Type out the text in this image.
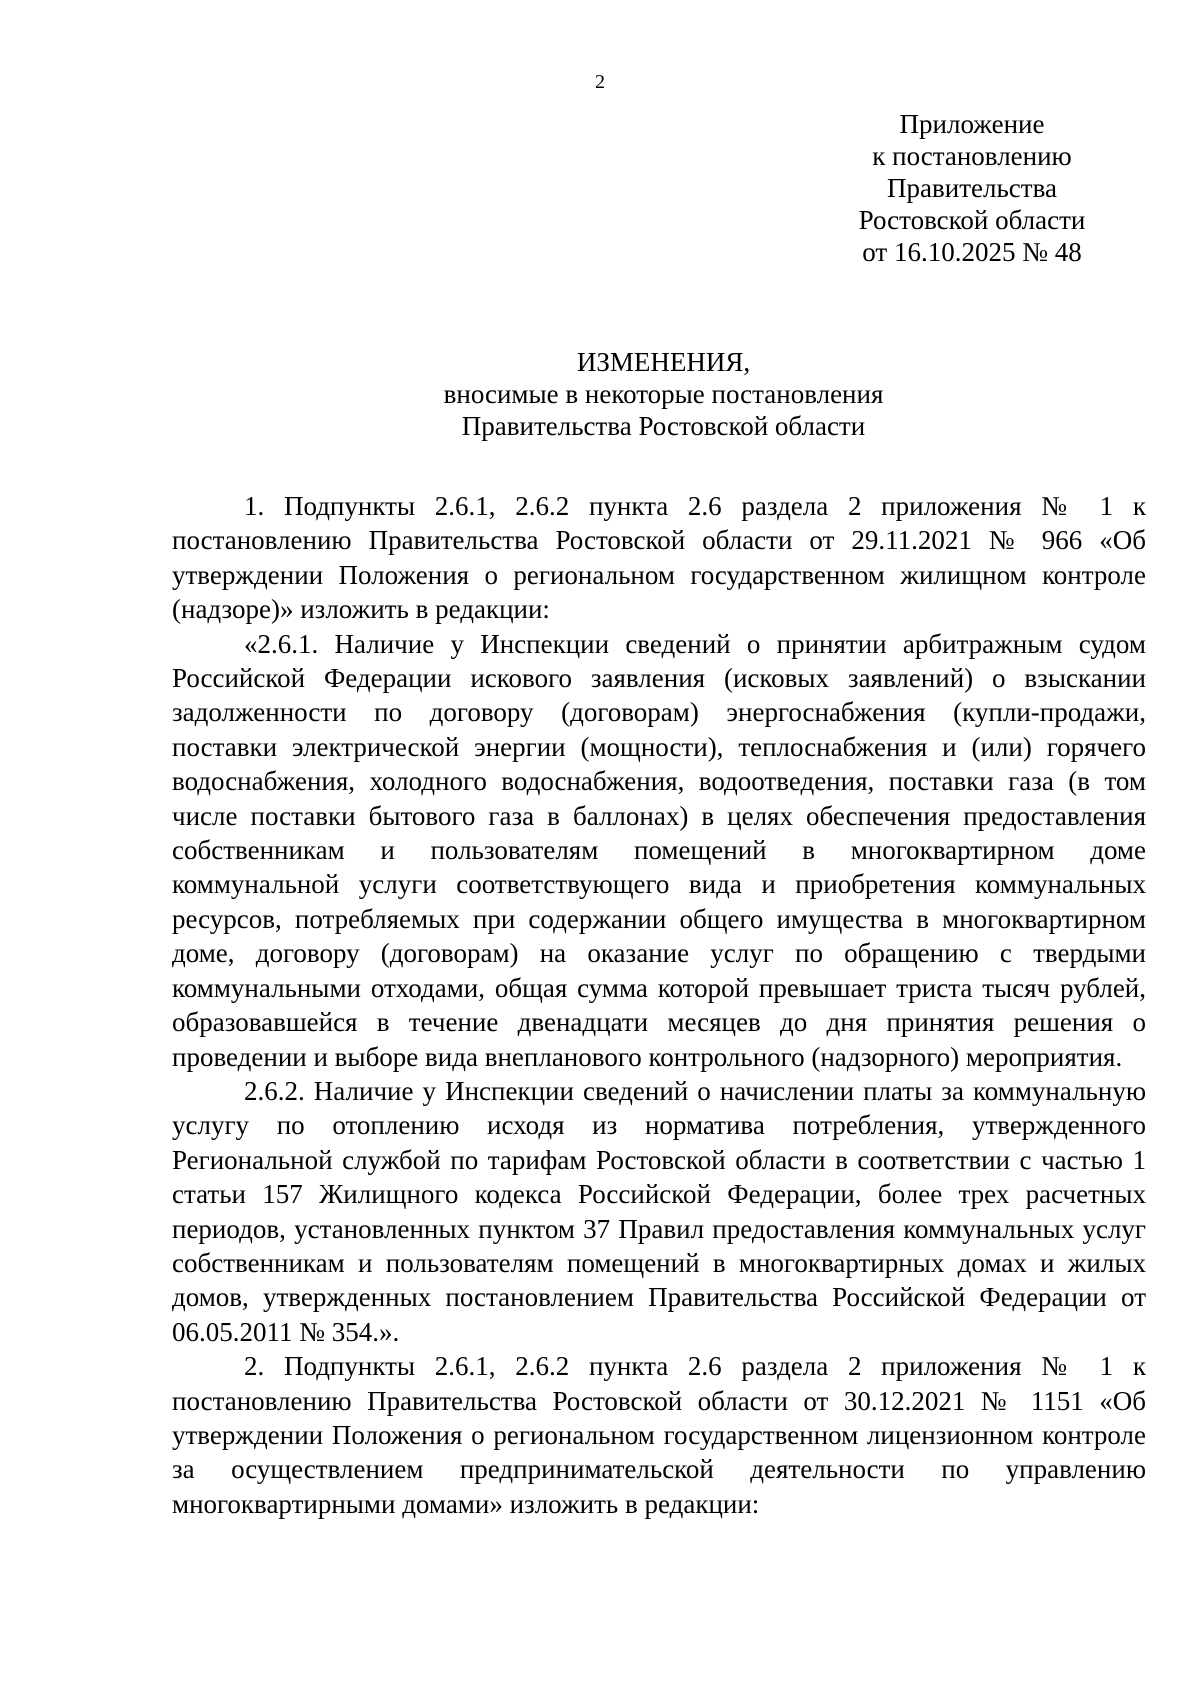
2
Приложение
к постановлению
Правительства
Ростовской области
от 16.10.2025 № 48
ИЗМЕНЕНИЯ,
вносимые в некоторые постановления
Правительства Ростовской области

1. Подпункты 2.6.1, 2.6.2 пункта 2.6 раздела 2 приложения № 1 к постановлению Правительства Ростовской области от 29.11.2021 № 966 «Об утверждении Положения о региональном государственном жилищном контроле (надзоре)» изложить в редакции:

«2.6.1. Наличие у Инспекции сведений о принятии арбитражным судом Российской Федерации искового заявления (исковых заявлений) о взыскании задолженности по договору (договорам) энергоснабжения (купли-продажи, поставки электрической энергии (мощности), теплоснабжения и (или) горячего водоснабжения, холодного водоснабжения, водоотведения, поставки газа (в том числе поставки бытового газа в баллонах) в целях обеспечения предоставления собственникам и пользователям помещений в многоквартирном доме коммунальной услуги соответствующего вида и приобретения коммунальных ресурсов, потребляемых при содержании общего имущества в многоквартирном доме, договору (договорам) на оказание услуг по обращению с твердыми коммунальными отходами, общая сумма которой превышает триста тысяч рублей, образовавшейся в течение двенадцати месяцев до дня принятия решения о проведении и выборе вида внепланового контрольного (надзорного) мероприятия.

2.6.2. Наличие у Инспекции сведений о начислении платы за коммунальную услугу по отоплению исходя из норматива потребления, утвержденного Региональной службой по тарифам Ростовской области в соответствии с частью 1 статьи 157 Жилищного кодекса Российской Федерации, более трех расчетных периодов, установленных пунктом 37 Правил предоставления коммунальных услуг собственникам и пользователям помещений в многоквартирных домах и жилых домов, утвержденных постановлением Правительства Российской Федерации от 06.05.2011 № 354.».

2. Подпункты 2.6.1, 2.6.2 пункта 2.6 раздела 2 приложения № 1 к постановлению Правительства Ростовской области от 30.12.2021 № 1151 «Об утверждении Положения о региональном государственном лицензионном контроле за осуществлением предпринимательской деятельности по управлению многоквартирными домами» изложить в редакции:
